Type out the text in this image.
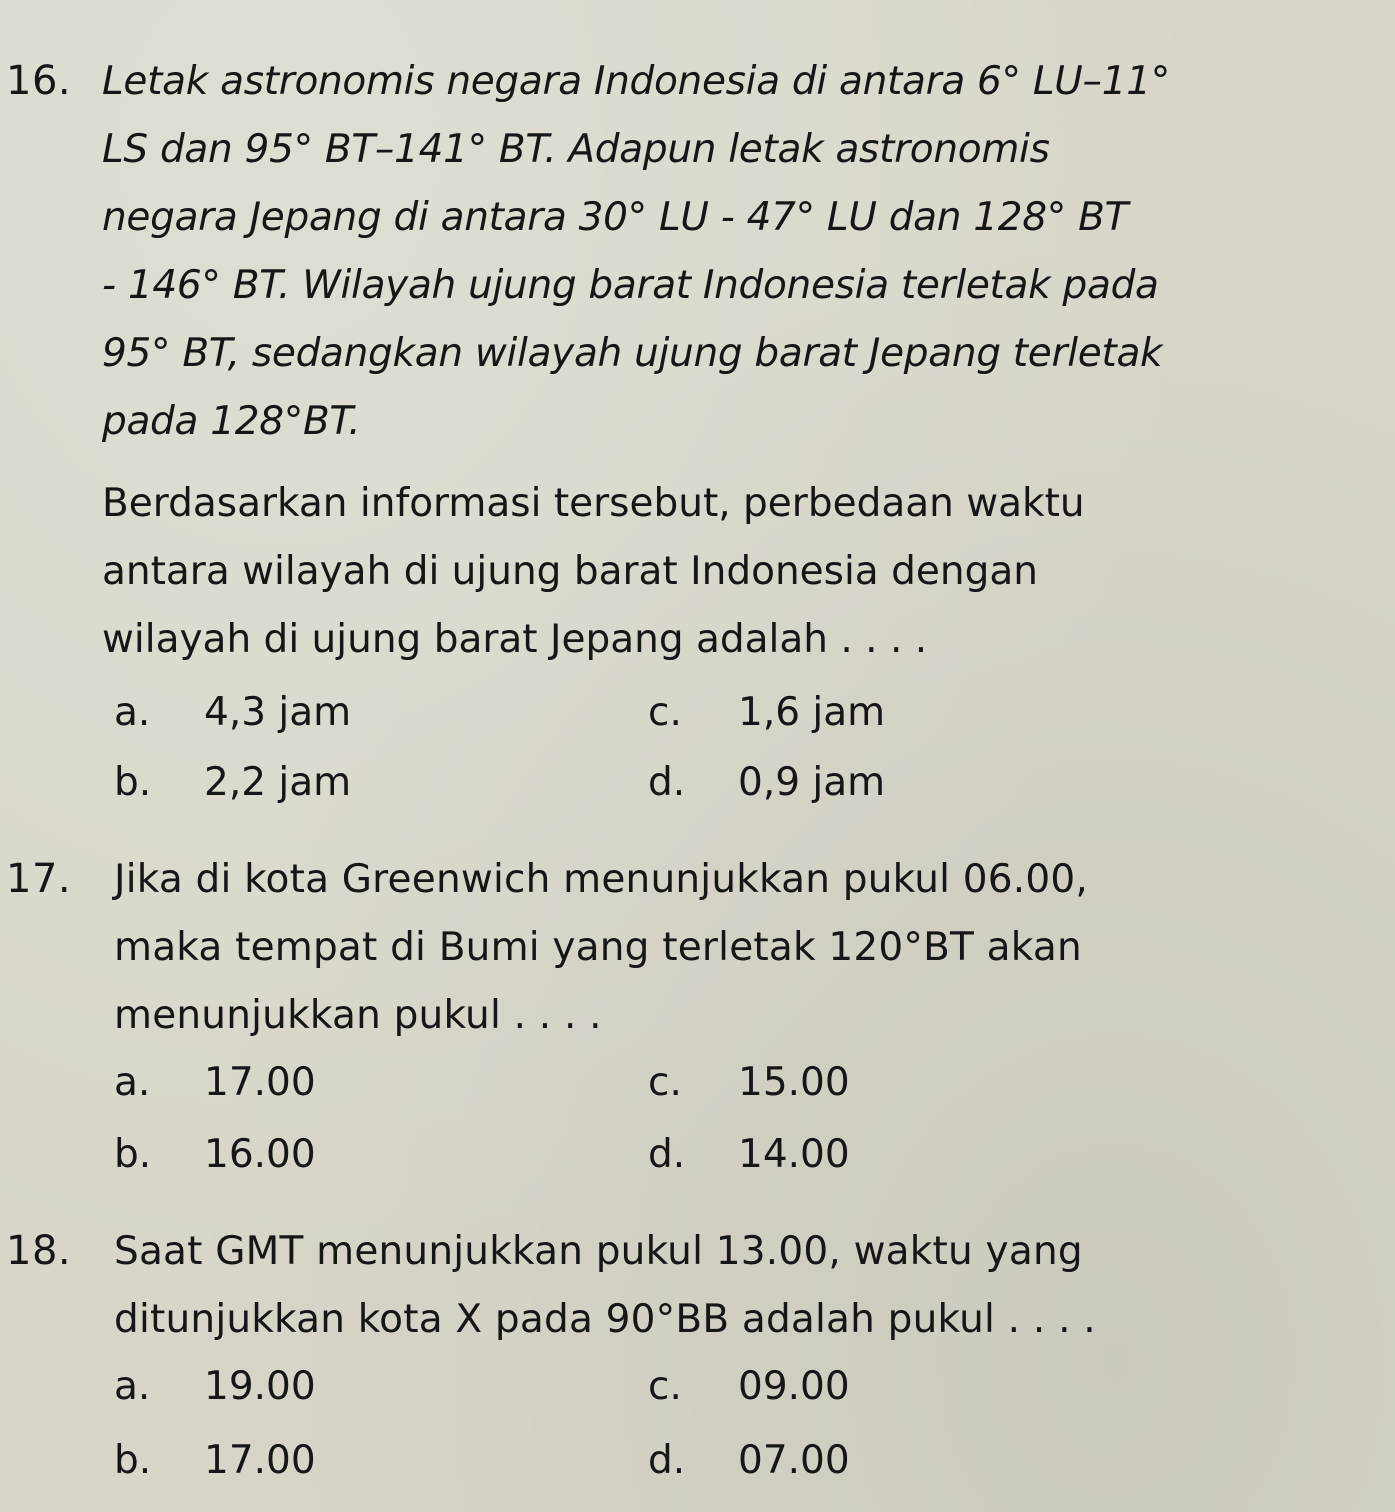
16. Letak astronomis negara Indonesia di antara 6° LU–11°
LS dan 95° BT–141° BT. Adapun letak astronomis
negara Jepang di antara 30° LU - 47° LU dan 128° BT
- 146° BT. Wilayah ujung barat Indonesia terletak pada
95° BT, sedangkan wilayah ujung barat Jepang terletak
pada 128°BT.
Berdasarkan informasi tersebut, perbedaan waktu
antara wilayah di ujung barat Indonesia dengan
wilayah di ujung barat Jepang adalah . . . .
a. 4,3 jam	c. 1,6 jam
b. 2,2 jam	d. 0,9 jam
17. Jika di kota Greenwich menunjukkan pukul 06.00,
maka tempat di Bumi yang terletak 120°BT akan
menunjukkan pukul . . . .
a. 17.00	c. 15.00
b. 16.00	d. 14.00
18. Saat GMT menunjukkan pukul 13.00, waktu yang
ditunjukkan kota X pada 90°BB adalah pukul . . . .
a. 19.00	c. 09.00
b. 17.00	d. 07.00
